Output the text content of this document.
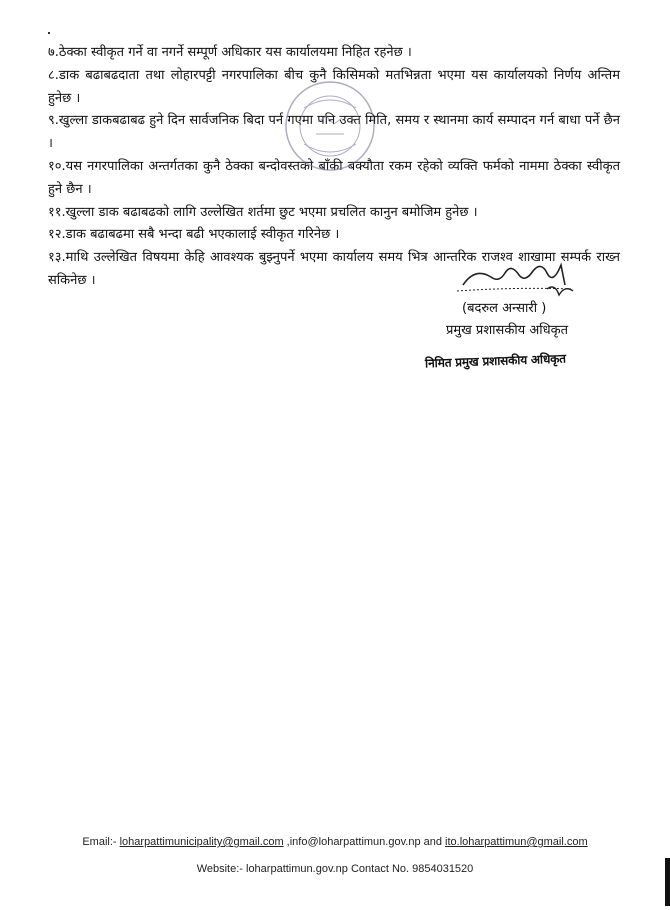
७.ठेक्का स्वीकृत गर्ने वा नगर्ने सम्पूर्ण अधिकार यस कार्यालयमा निहित रहनेछ ।

८.डाक बढाबढदाता तथा लोहारपट्टी नगरपालिका बीच कुनै किसिमको मतभिन्नता भएमा यस कार्यालयको निर्णय अन्तिम हुनेछ ।

९.खुल्ला डाकबढाबढ हुने दिन सार्वजनिक बिदा पर्न गएमा पनि उक्त मिति, समय र स्थानमा कार्य सम्पादन गर्न बाधा पर्ने छैन ।

१०.यस नगरपालिका अन्तर्गतका कुनै ठेक्का बन्दोवस्तको बाँकी बक्यौता रकम रहेको व्यक्ति फर्मको नाममा ठेक्का स्वीकृत हुने छैन ।

११.खुल्ला डाक बढाबढको लागि उल्लेखित शर्तमा छुट भएमा प्रचलित कानुन बमोजिम हुनेछ ।

१२.डाक बढाबढमा सबै भन्दा बढी भएकालाई स्वीकृत गरिनेछ ।

१३.माथि उल्लेखित विषयमा केहि आवश्यक बुझ्नुपर्ने भएमा कार्यालय समय भित्र आन्तरिक राजश्व शाखामा सम्पर्क राख्न सकिनेछ ।

(बदरुल अन्सारी )
प्रमुख प्रशासकीय अधिकृत
निमित प्रमुख प्रशासकीय अधिकृत
Email:- loharpattimunicipality@gmail.com ,info@loharpattimun.gov.np and ito.loharpattimun@gmail.com
Website:- loharpattimun.gov.np Contact No. 9854031520
